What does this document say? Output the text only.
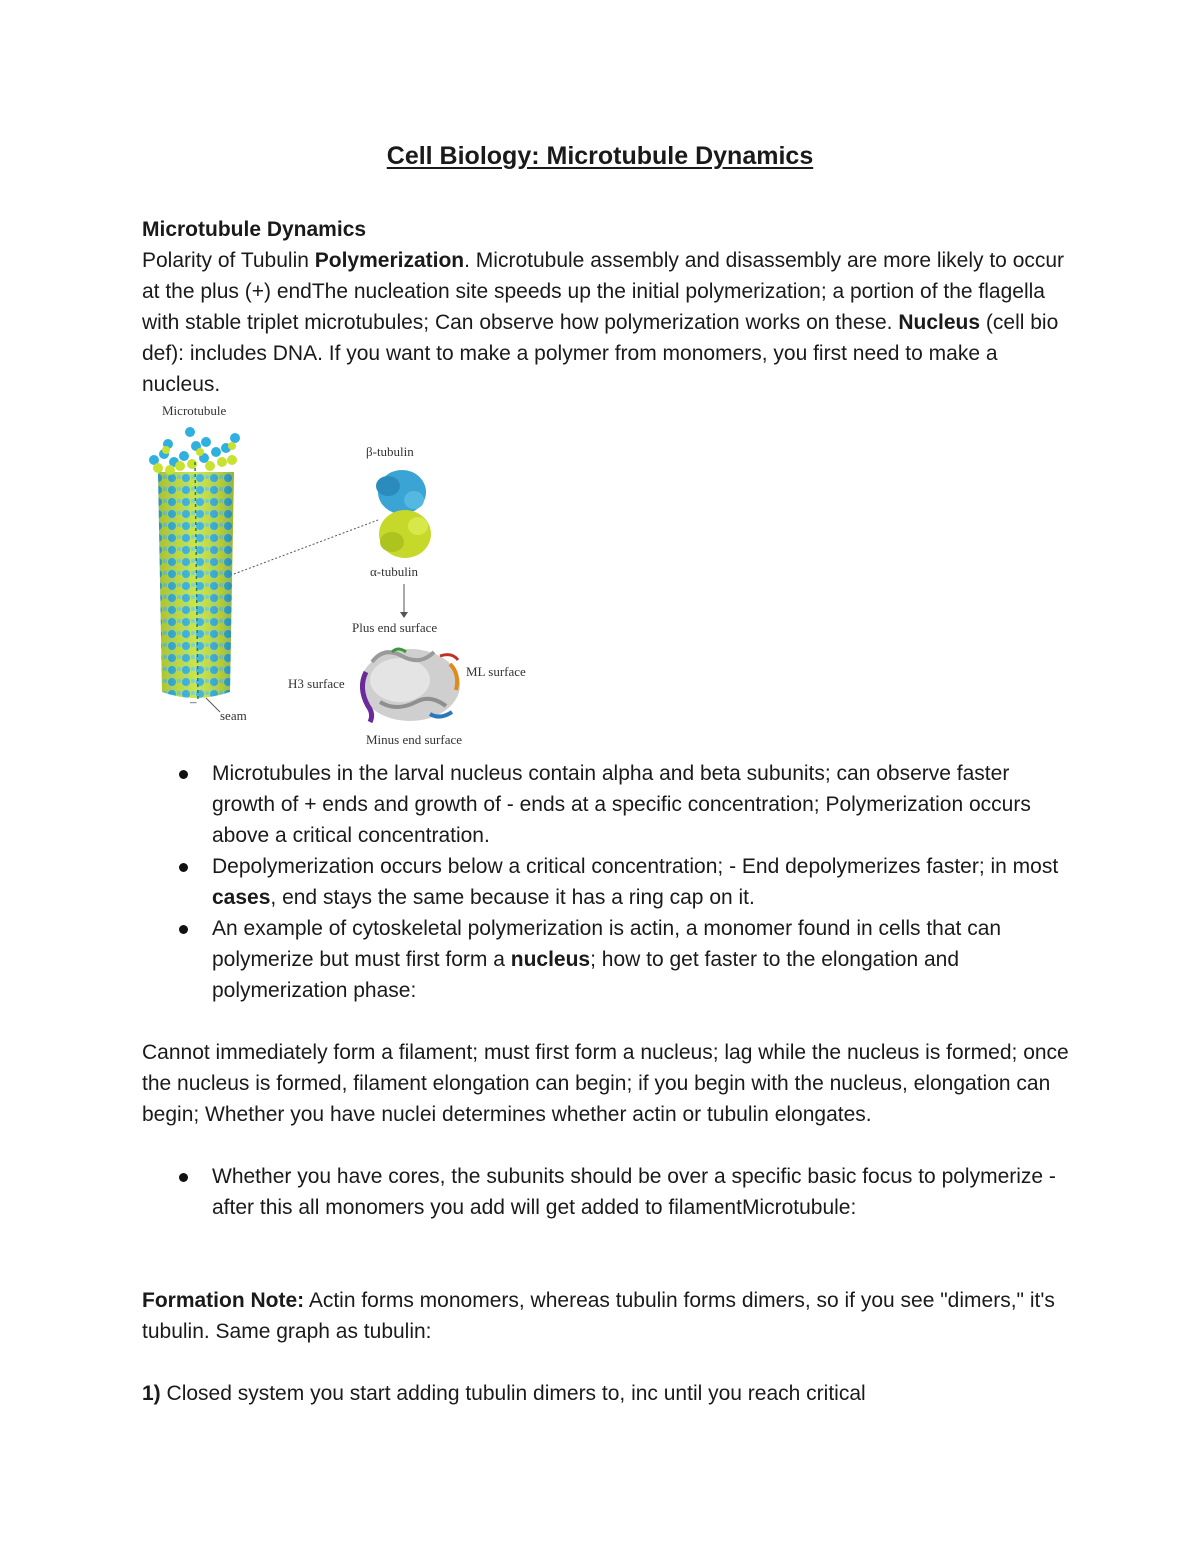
Cell Biology: Microtubule Dynamics
Microtubule Dynamics
Polarity of Tubulin Polymerization. Microtubule assembly and disassembly are more likely to occur at the plus (+) endThe nucleation site speeds up the initial polymerization; a portion of the flagella with stable triplet microtubules; Can observe how polymerization works on these. Nucleus (cell bio def): includes DNA. If you want to make a polymer from monomers, you first need to make a nucleus.
Microtubule
–
seam
β-tubulin
α-tubulin
Plus end surface
H3 surface
ML surface
Minus end surface
Microtubules in the larval nucleus contain alpha and beta subunits; can observe faster growth of + ends and growth of - ends at a specific concentration; Polymerization occurs above a critical concentration.
Depolymerization occurs below a critical concentration; - End depolymerizes faster; in most cases, end stays the same because it has a ring cap on it.
An example of cytoskeletal polymerization is actin, a monomer found in cells that can polymerize but must first form a nucleus; how to get faster to the elongation and polymerization phase:
Cannot immediately form a filament; must first form a nucleus; lag while the nucleus is formed; once the nucleus is formed, filament elongation can begin; if you begin with the nucleus, elongation can begin; Whether you have nuclei determines whether actin or tubulin elongates.
Whether you have cores, the subunits should be over a specific basic focus to polymerize - after this all monomers you add will get added to filamentMicrotubule:
Formation Note: Actin forms monomers, whereas tubulin forms dimers, so if you see "dimers," it's tubulin. Same graph as tubulin:
1) Closed system you start adding tubulin dimers to, inc until you reach critical
